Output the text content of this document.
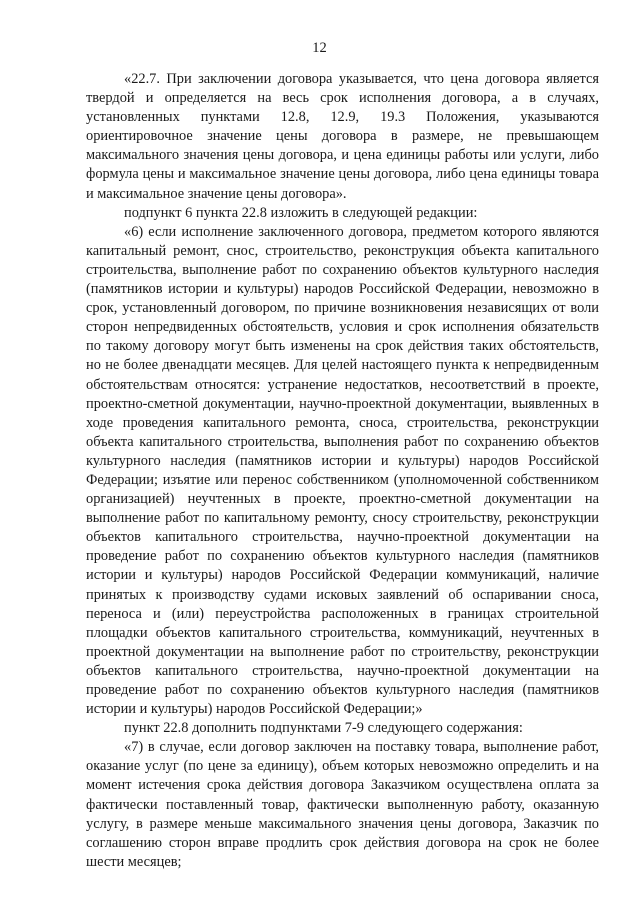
12

«22.7. При заключении договора указывается, что цена договора является твердой и определяется на весь срок исполнения договора, а в случаях, установленных пунктами 12.8, 12.9, 19.3 Положения, указываются ориентировочное значение цены договора в размере, не превышающем максимального значения цены договора, и цена единицы работы или услуги, либо формула цены и максимальное значение цены договора, либо цена единицы товара и максимальное значение цены договора».

подпункт 6 пункта 22.8 изложить в следующей редакции:

«6) если исполнение заключенного договора, предметом которого являются капитальный ремонт, снос, строительство, реконструкция объекта капитального строительства, выполнение работ по сохранению объектов культурного наследия (памятников истории и культуры) народов Российской Федерации, невозможно в срок, установленный договором, по причине возникновения независящих от воли сторон непредвиденных обстоятельств, условия и срок исполнения обязательств по такому договору могут быть изменены на срок действия таких обстоятельств, но не более двенадцати месяцев. Для целей настоящего пункта к непредвиденным обстоятельствам относятся: устранение недостатков, несоответствий в проекте, проектно-сметной документации, научно-проектной документации, выявленных в ходе проведения капитального ремонта, сноса, строительства, реконструкции объекта капитального строительства, выполнения работ по сохранению объектов культурного наследия (памятников истории и культуры) народов Российской Федерации; изъятие или перенос собственником (уполномоченной собственником организацией) неучтенных в проекте, проектно-сметной документации на выполнение работ по капитальному ремонту, сносу строительству, реконструкции объектов капитального строительства, научно-проектной документации на проведение работ по сохранению объектов культурного наследия (памятников истории и культуры) народов Российской Федерации коммуникаций, наличие принятых к производству судами исковых заявлений об оспаривании сноса, переноса и (или) переустройства расположенных в границах строительной площадки объектов капитального строительства, коммуникаций, неучтенных в проектной документации на выполнение работ по строительству, реконструкции объектов капитального строительства, научно-проектной документации на проведение работ по сохранению объектов культурного наследия (памятников истории и культуры) народов Российской Федерации;»

пункт 22.8 дополнить подпунктами 7-9 следующего содержания:

«7) в случае, если договор заключен на поставку товара, выполнение работ, оказание услуг (по цене за единицу), объем которых невозможно определить и на момент истечения срока действия договора Заказчиком осуществлена оплата за фактически поставленный товар, фактически выполненную работу, оказанную услугу, в размере меньше максимального значения цены договора, Заказчик по соглашению сторон вправе продлить срок действия договора на срок не более шести месяцев;
